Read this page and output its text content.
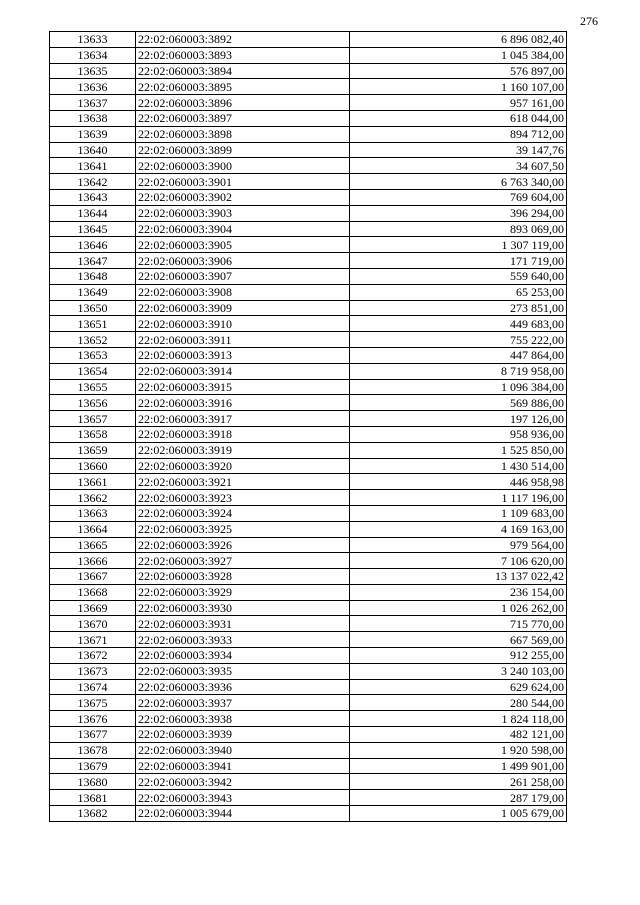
276
13633	22:02:060003:3892	6 896 082,40
13634	22:02:060003:3893	1 045 384,00
13635	22:02:060003:3894	576 897,00
13636	22:02:060003:3895	1 160 107,00
13637	22:02:060003:3896	957 161,00
13638	22:02:060003:3897	618 044,00
13639	22:02:060003:3898	894 712,00
13640	22:02:060003:3899	39 147,76
13641	22:02:060003:3900	34 607,50
13642	22:02:060003:3901	6 763 340,00
13643	22:02:060003:3902	769 604,00
13644	22:02:060003:3903	396 294,00
13645	22:02:060003:3904	893 069,00
13646	22:02:060003:3905	1 307 119,00
13647	22:02:060003:3906	171 719,00
13648	22:02:060003:3907	559 640,00
13649	22:02:060003:3908	65 253,00
13650	22:02:060003:3909	273 851,00
13651	22:02:060003:3910	449 683,00
13652	22:02:060003:3911	755 222,00
13653	22:02:060003:3913	447 864,00
13654	22:02:060003:3914	8 719 958,00
13655	22:02:060003:3915	1 096 384,00
13656	22:02:060003:3916	569 886,00
13657	22:02:060003:3917	197 126,00
13658	22:02:060003:3918	958 936,00
13659	22:02:060003:3919	1 525 850,00
13660	22:02:060003:3920	1 430 514,00
13661	22:02:060003:3921	446 958,98
13662	22:02:060003:3923	1 117 196,00
13663	22:02:060003:3924	1 109 683,00
13664	22:02:060003:3925	4 169 163,00
13665	22:02:060003:3926	979 564,00
13666	22:02:060003:3927	7 106 620,00
13667	22:02:060003:3928	13 137 022,42
13668	22:02:060003:3929	236 154,00
13669	22:02:060003:3930	1 026 262,00
13670	22:02:060003:3931	715 770,00
13671	22:02:060003:3933	667 569,00
13672	22:02:060003:3934	912 255,00
13673	22:02:060003:3935	3 240 103,00
13674	22:02:060003:3936	629 624,00
13675	22:02:060003:3937	280 544,00
13676	22:02:060003:3938	1 824 118,00
13677	22:02:060003:3939	482 121,00
13678	22:02:060003:3940	1 920 598,00
13679	22:02:060003:3941	1 499 901,00
13680	22:02:060003:3942	261 258,00
13681	22:02:060003:3943	287 179,00
13682	22:02:060003:3944	1 005 679,00
